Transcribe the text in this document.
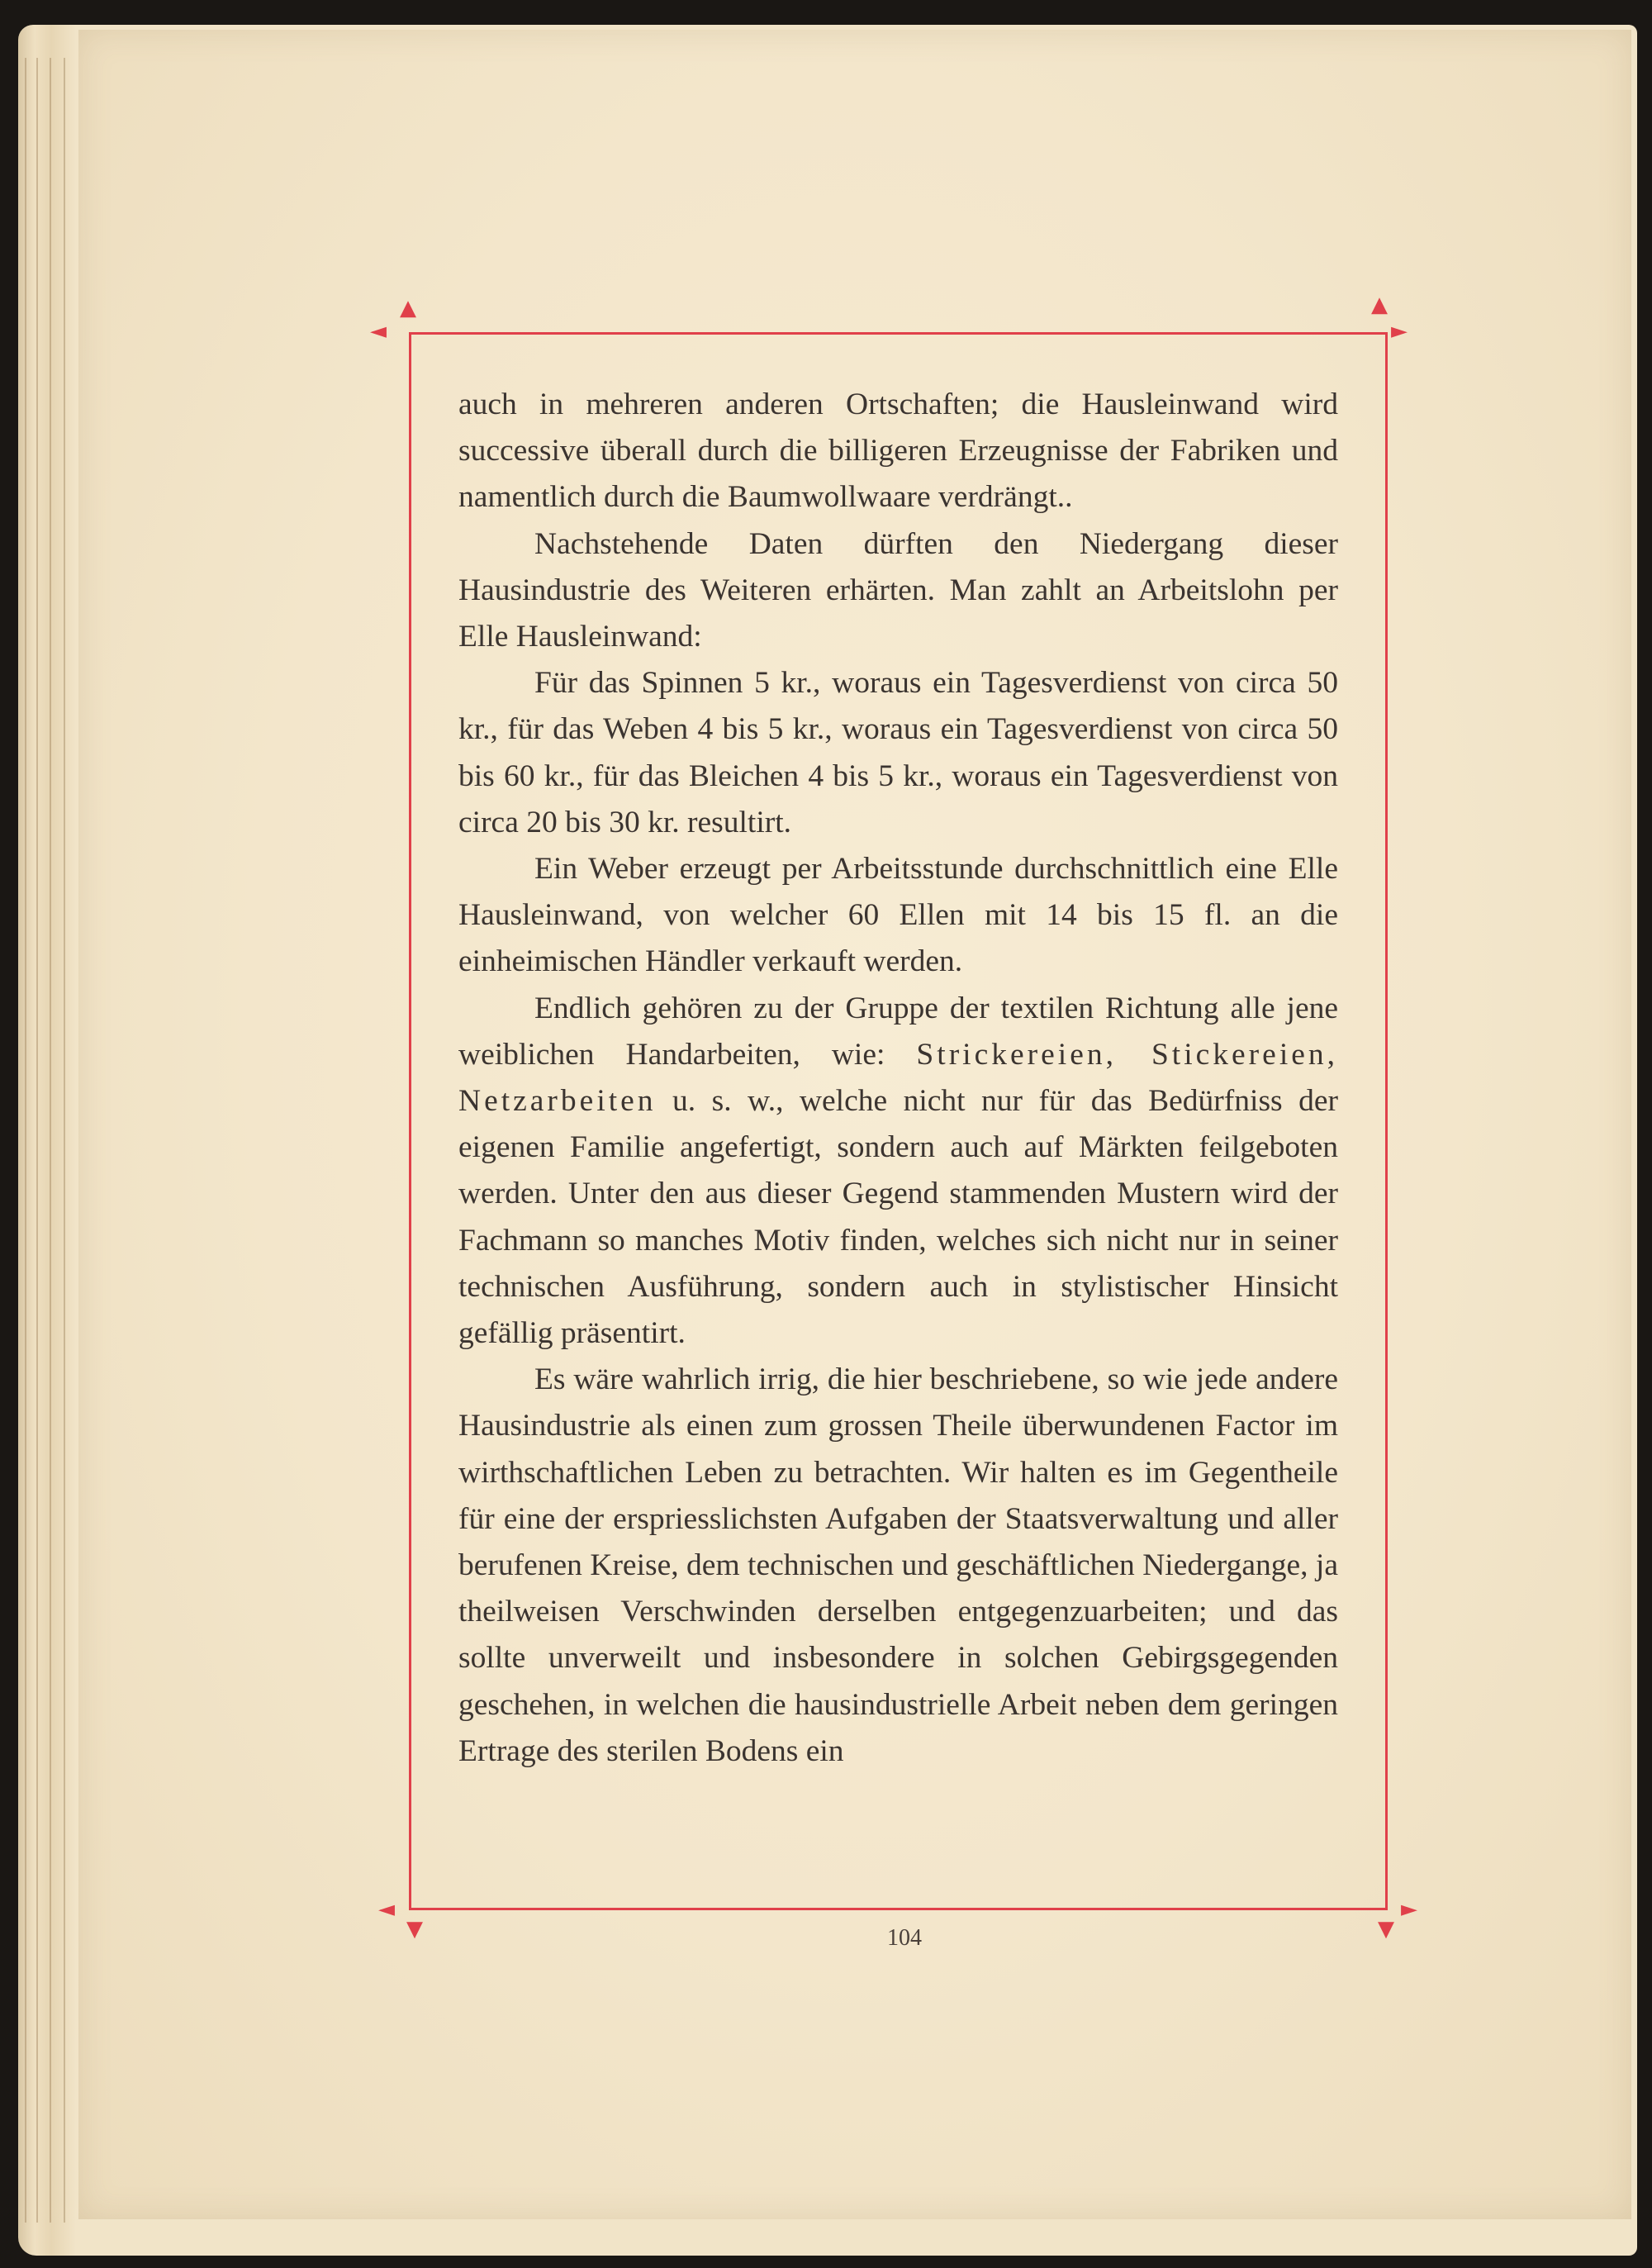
◄
▲
►
▲
◄
▼
►
▼

auch in mehreren anderen Ortschaften; die Hausleinwand wird successive überall durch die billigeren Erzeugnisse der Fabriken und namentlich durch die Baumwollwaare verdrängt..

Nachstehende Daten dürften den Niedergang dieser Hausindustrie des Weiteren erhärten. Man zahlt an Arbeitslohn per Elle Hausleinwand:

Für das Spinnen 5 kr., woraus ein Tagesverdienst von circa 50 kr., für das Weben 4 bis 5 kr., woraus ein Tagesverdienst von circa 50 bis 60 kr., für das Bleichen 4 bis 5 kr., woraus ein Tagesverdienst von circa 20 bis 30 kr. resultirt.

Ein Weber erzeugt per Arbeitsstunde durchschnittlich eine Elle Hausleinwand, von welcher 60 Ellen mit 14 bis 15 fl. an die einheimischen Händler verkauft werden.

Endlich gehören zu der Gruppe der textilen Richtung alle jene weiblichen Handarbeiten, wie: Strickereien, Stickereien, Netzarbeiten u. s. w., welche nicht nur für das Bedürfniss der eigenen Familie angefertigt, sondern auch auf Märkten feilgeboten werden. Unter den aus dieser Gegend stammenden Mustern wird der Fachmann so manches Motiv finden, welches sich nicht nur in seiner technischen Ausführung, sondern auch in stylistischer Hinsicht gefällig präsentirt.

Es wäre wahrlich irrig, die hier beschriebene, so wie jede andere Hausindustrie als einen zum grossen Theile überwundenen Factor im wirthschaftlichen Leben zu betrachten. Wir halten es im Gegentheile für eine der erspriesslichsten Aufgaben der Staatsverwaltung und aller berufenen Kreise, dem technischen und geschäftlichen Niedergange, ja theilweisen Verschwinden derselben entgegenzuarbeiten; und das sollte unverweilt und insbesondere in solchen Gebirgsgegenden geschehen, in welchen die hausindustrielle Arbeit neben dem geringen Ertrage des sterilen Bodens ein

104
